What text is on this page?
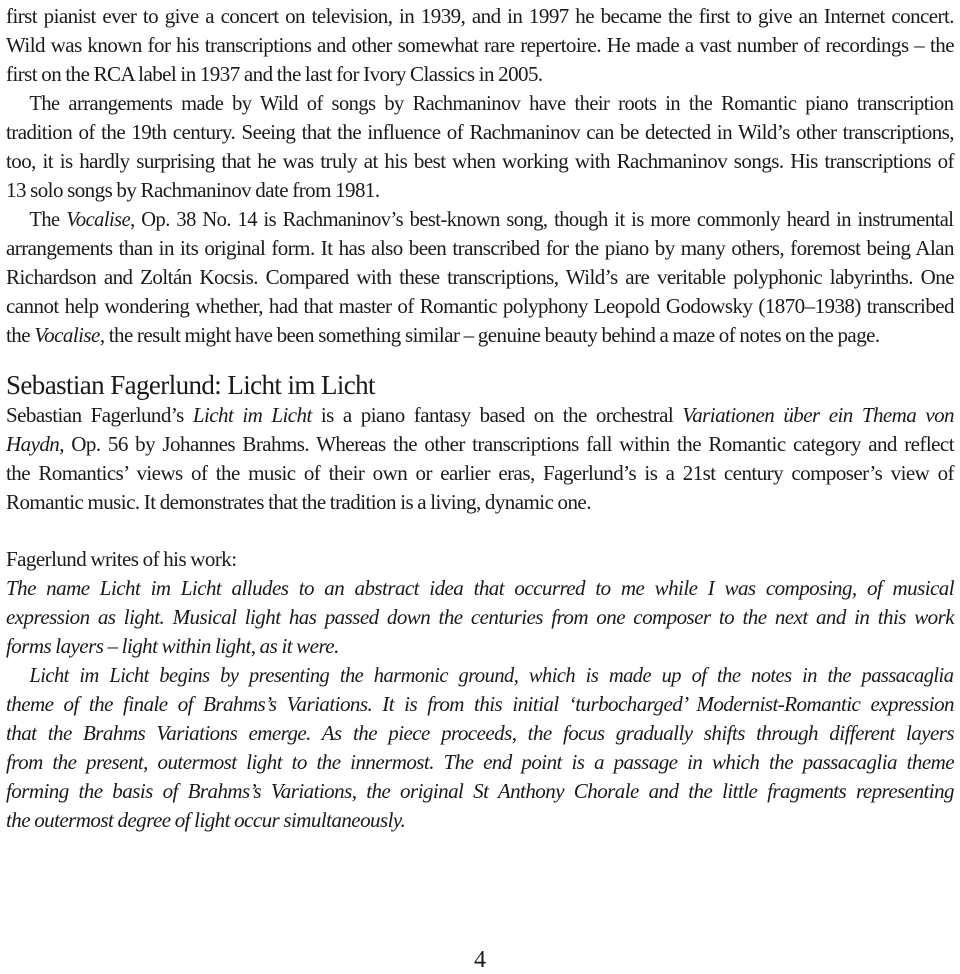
first pianist ever to give a concert on television, in 1939, and in 1997 he became the first to give an Internet concert.
Wild was known for his transcriptions and other somewhat rare repertoire. He made a vast number of recordings – the
first on the RCA label in 1937 and the last for Ivory Classics in 2005.
The arrangements made by Wild of songs by Rachmaninov have their roots in the Romantic piano transcription
tradition of the 19th century. Seeing that the influence of Rachmaninov can be detected in Wild’s other transcriptions,
too, it is hardly surprising that he was truly at his best when working with Rachmaninov songs. His transcriptions of
13 solo songs by Rachmaninov date from 1981.
The Vocalise, Op. 38 No. 14 is Rachmaninov’s best-known song, though it is more commonly heard in instrumental
arrangements than in its original form. It has also been transcribed for the piano by many others, foremost being Alan
Richardson and Zoltán Kocsis. Compared with these transcriptions, Wild’s are veritable polyphonic labyrinths. One
cannot help wondering whether, had that master of Romantic polyphony Leopold Godowsky (1870–1938) transcribed
the Vocalise, the result might have been something similar – genuine beauty behind a maze of notes on the page.
Sebastian Fagerlund: Licht im Licht
Sebastian Fagerlund’s Licht im Licht is a piano fantasy based on the orchestral Variationen über ein Thema von
Haydn, Op. 56 by Johannes Brahms. Whereas the other transcriptions fall within the Romantic category and reflect
the Romantics’ views of the music of their own or earlier eras, Fagerlund’s is a 21st century composer’s view of
Romantic music. It demonstrates that the tradition is a living, dynamic one.
Fagerlund writes of his work:
The name Licht im Licht alludes to an abstract idea that occurred to me while I was composing, of musical
expression as light. Musical light has passed down the centuries from one composer to the next and in this work
forms layers – light within light, as it were.
Licht im Licht begins by presenting the harmonic ground, which is made up of the notes in the passacaglia
theme of the finale of Brahms’s Variations. It is from this initial ‘turbocharged’ Modernist-Romantic expression
that the Brahms Variations emerge. As the piece proceeds, the focus gradually shifts through different layers
from the present, outermost light to the innermost. The end point is a passage in which the passacaglia theme
forming the basis of Brahms’s Variations, the original St Anthony Chorale and the little fragments representing
the outermost degree of light occur simultaneously.
4
